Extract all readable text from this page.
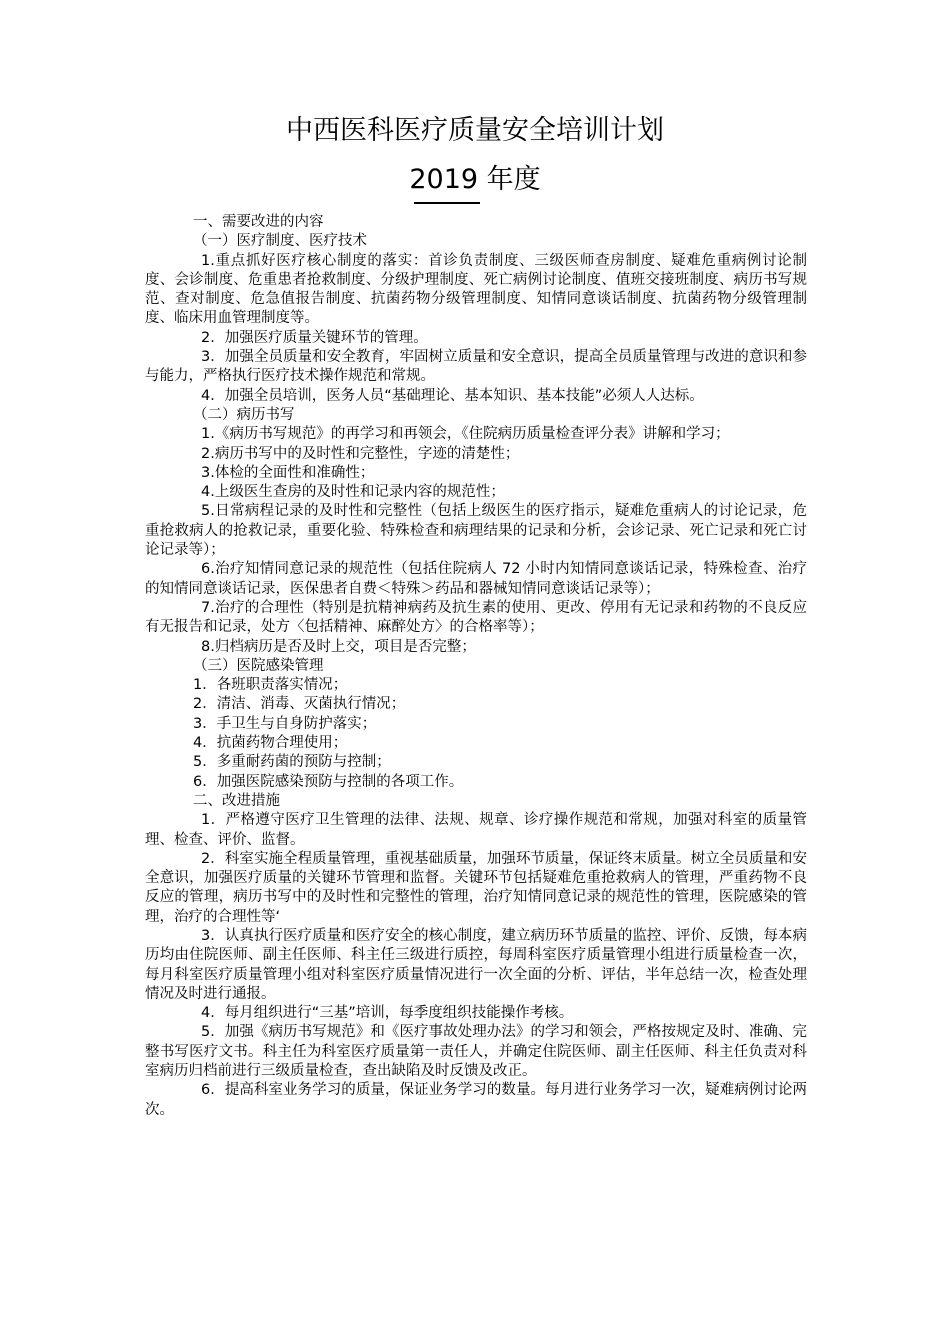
中西医科医疗质量安全培训计划
2019 年度

一、需要改进的内容

（一）医疗制度、医疗技术

1.重点抓好医疗核心制度的落实：首诊负责制度、三级医师查房制度、疑难危重病例讨论制度、会诊制度、危重患者抢救制度、分级护理制度、死亡病例讨论制度、值班交接班制度、病历书写规范、查对制度、危急值报告制度、抗菌药物分级管理制度、知情同意谈话制度、抗菌药物分级管理制度、临床用血管理制度等。

2．加强医疗质量关键环节的管理。

3．加强全员质量和安全教育，牢固树立质量和安全意识，提高全员质量管理与改进的意识和参与能力，严格执行医疗技术操作规范和常规。

4．加强全员培训，医务人员“基础理论、基本知识、基本技能”必须人人达标。

（二）病历书写

1.《病历书写规范》的再学习和再领会，《住院病历质量检查评分表》讲解和学习；

2.病历书写中的及时性和完整性，字迹的清楚性；

3.体检的全面性和准确性；

4.上级医生查房的及时性和记录内容的规范性；

5.日常病程记录的及时性和完整性（包括上级医生的医疗指示，疑难危重病人的讨论记录，危重抢救病人的抢救记录，重要化验、特殊检查和病理结果的记录和分析，会诊记录、死亡记录和死亡讨论记录等）；

6.治疗知情同意记录的规范性（包括住院病人 72 小时内知情同意谈话记录，特殊检查、治疗的知情同意谈话记录，医保患者自费＜特殊＞药品和器械知情同意谈话记录等）；

7.治疗的合理性（特别是抗精神病药及抗生素的使用、更改、停用有无记录和药物的不良反应有无报告和记录，处方〈包括精神、麻醉处方〉的合格率等）；

8.归档病历是否及时上交，项目是否完整；

（三）医院感染管理

1．各班职责落实情况；

2．清洁、消毒、灭菌执行情况；

3．手卫生与自身防护落实；

4．抗菌药物合理使用；

5．多重耐药菌的预防与控制；

6．加强医院感染预防与控制的各项工作。

二、改进措施

1．严格遵守医疗卫生管理的法律、法规、规章、诊疗操作规范和常规，加强对科室的质量管理、检查、评价、监督。

2．科室实施全程质量管理，重视基础质量，加强环节质量，保证终末质量。树立全员质量和安全意识，加强医疗质量的关键环节管理和监督。关键环节包括疑难危重抢救病人的管理，严重药物不良反应的管理，病历书写中的及时性和完整性的管理，治疗知情同意记录的规范性的管理，医院感染的管理，治疗的合理性等‘

3．认真执行医疗质量和医疗安全的核心制度，建立病历环节质量的监控、评价、反馈，每本病历均由住院医师、副主任医师、科主任三级进行质控，每周科室医疗质量管理小组进行质量检查一次，每月科室医疗质量管理小组对科室医疗质量情况进行一次全面的分析、评估，半年总结一次，检查处理情况及时进行通报。

4．每月组织进行“三基”培训，每季度组织技能操作考核。

5．加强《病历书写规范》和《医疗事故处理办法》的学习和领会，严格按规定及时、准确、完整书写医疗文书。科主任为科室医疗质量第一责任人，并确定住院医师、副主任医师、科主任负责对科室病历归档前进行三级质量检查，查出缺陷及时反馈及改正。

6．提高科室业务学习的质量，保证业务学习的数量。每月进行业务学习一次，疑难病例讨论两次。
